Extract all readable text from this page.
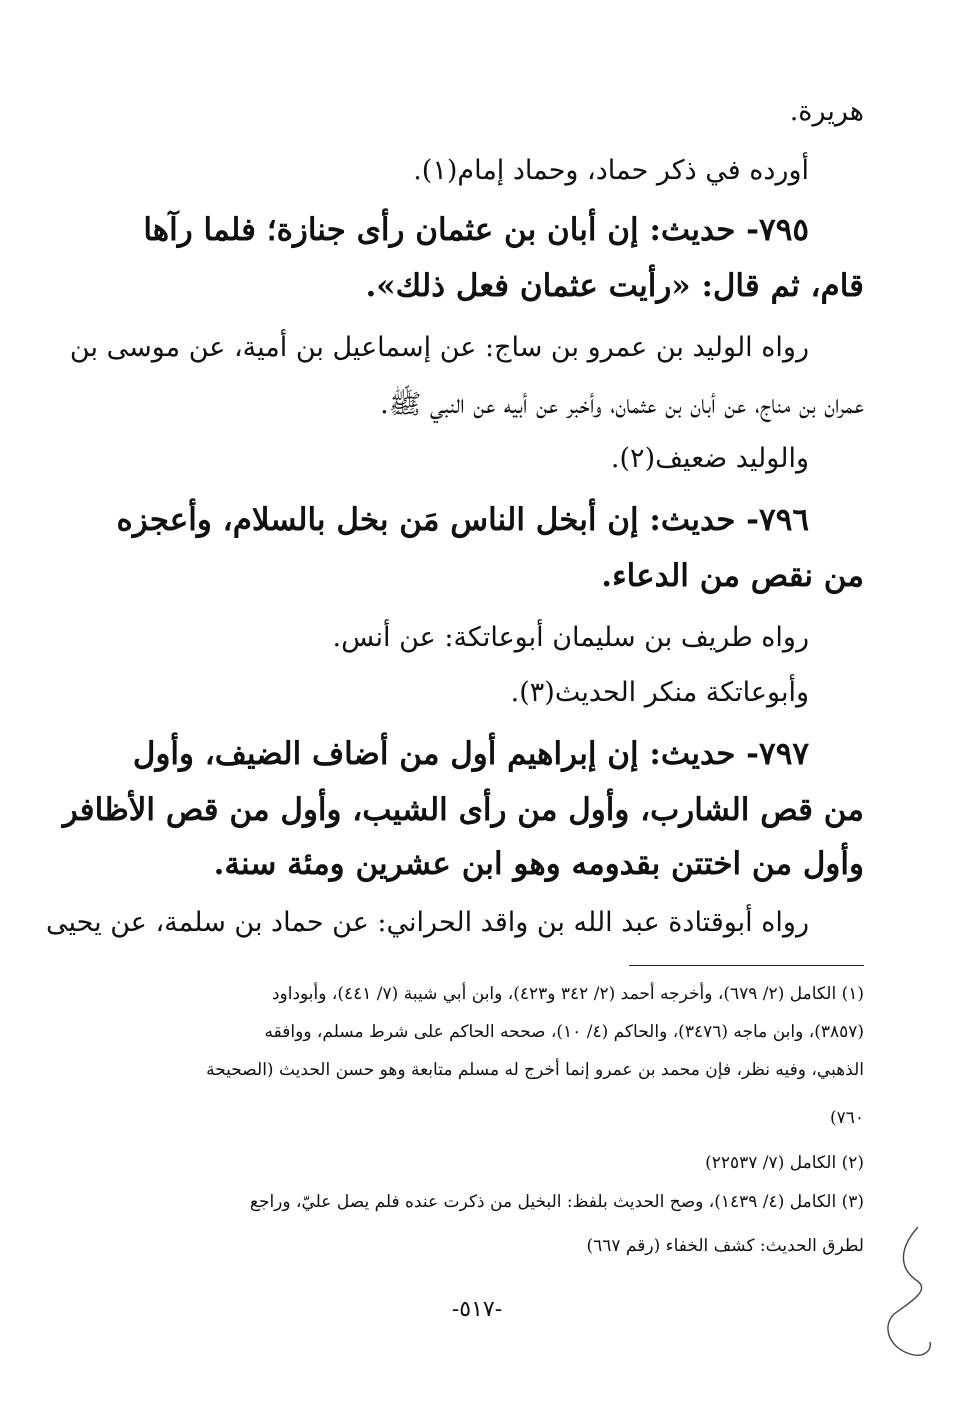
هريرة.

أورده في ذكر حماد، وحماد إمام(١).

٧٩٥- حديث: إن أبان بن عثمان رأى جنازة؛ فلما رآها

قام، ثم قال: «رأيت عثمان فعل ذلك».

رواه الوليد بن عمرو بن ساج: عن إسماعيل بن أمية، عن موسى بن

عمران بن مناج، عن أبان بن عثمان، وأخبر عن أبيه عن النبي ﷺ.

والوليد ضعيف(٢).

٧٩٦- حديث: إن أبخل الناس مَن بخل بالسلام، وأعجزه

من نقص من الدعاء.

رواه طريف بن سليمان أبوعاتكة: عن أنس.

وأبوعاتكة منكر الحديث(٣).

٧٩٧- حديث: إن إبراهيم أول من أضاف الضيف، وأول

من قص الشارب، وأول من رأى الشيب، وأول من قص الأظافر

وأول من اختتن بقدومه وهو ابن عشرين ومئة سنة.

رواه أبوقتادة عبد الله بن واقد الحراني: عن حماد بن سلمة، عن يحيى

(١) الكامل (٢/ ٦٧٩)، وأخرجه أحمد (٢/ ٣٤٢ و٤٢٣)، وابن أبي شيبة (٧/ ٤٤١)، وأبوداود

(٣٨٥٧)، وابن ماجه (٣٤٧٦)، والحاكم (٤/ ١٠)، صححه الحاكم على شرط مسلم، ووافقه

الذهبي، وفيه نظر، فإن محمد بن عمرو إنما أخرج له مسلم متابعة وهو حسن الحديث (الصحيحة

٧٦٠)

(٢) الكامل (٧/ ٢٢٥٣٧)

(٣) الكامل (٤/ ١٤٣٩)، وصح الحديث بلفظ: البخيل من ذكرت عنده فلم يصل عليّ، وراجع

لطرق الحديث: كشف الخفاء (رقم ٦٦٧)

-٥١٧-
